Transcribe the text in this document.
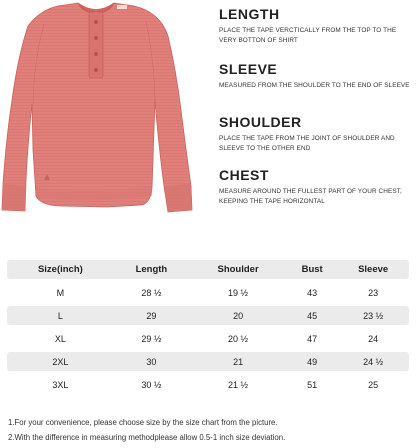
LENGTH
PLACE THE TAPE VERCTICALLY FROM THE TOP TO THE VERY BOTTON OF SHIRT
SLEEVE
MEASURED FROM THE SHOULDER TO THE END OF SLEEVE
SHOULDER
PLACE THE TAPE FROM THE JOINT OF SHOULDER AND SLEEVE TO THE OTHER END
CHEST
MEASURE AROUND THE FULLEST PART OF YOUR CHEST, KEEPING THE TAPE HORIZONTAL
Size(inch)	Length	Shoulder	Bust	Sleeve
M	28 ½	19 ½	43	23
L	29	20	45	23 ½
XL	29 ½	20 ½	47	24
2XL	30	21	49	24 ½
3XL	30 ½	21 ½	51	25
1.For your convenience, please choose size by the size chart from the picture.
2.With the difference in measuring methodplease allow 0.5-1 inch size deviation.
